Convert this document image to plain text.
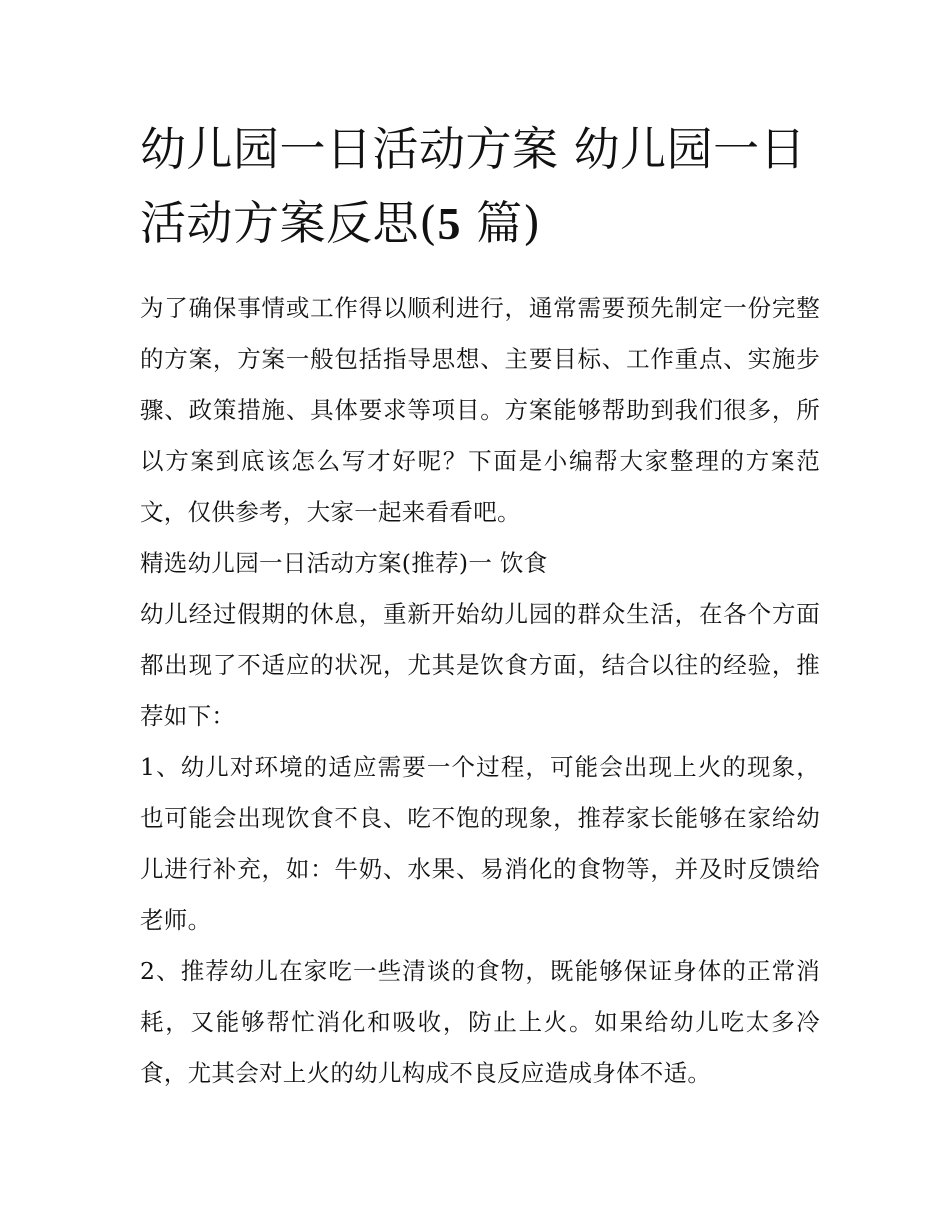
幼儿园一日活动方案 幼儿园一日活动方案反思(5 篇)

为了确保事情或工作得以顺利进行，通常需要预先制定一份完整的方案，方案一般包括指导思想、主要目标、工作重点、实施步骤、政策措施、具体要求等项目。方案能够帮助到我们很多，所以方案到底该怎么写才好呢？下面是小编帮大家整理的方案范文，仅供参考，大家一起来看看吧。

精选幼儿园一日活动方案(推荐)一 饮食

幼儿经过假期的休息，重新开始幼儿园的群众生活，在各个方面都出现了不适应的状况，尤其是饮食方面，结合以往的经验，推荐如下：

1、幼儿对环境的适应需要一个过程，可能会出现上火的现象，也可能会出现饮食不良、吃不饱的现象，推荐家长能够在家给幼儿进行补充，如：牛奶、水果、易消化的食物等，并及时反馈给老师。

2、推荐幼儿在家吃一些清谈的食物，既能够保证身体的正常消耗，又能够帮忙消化和吸收，防止上火。如果给幼儿吃太多冷食，尤其会对上火的幼儿构成不良反应造成身体不适。
